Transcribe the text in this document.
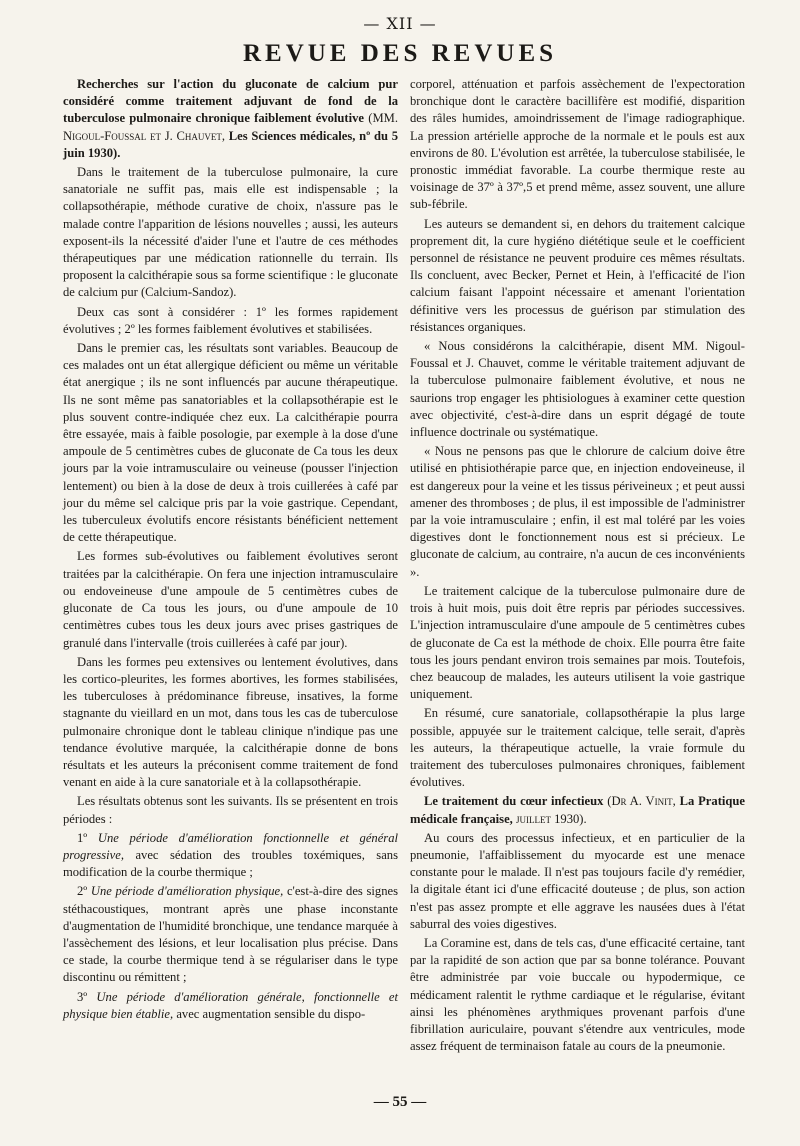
— XII —
REVUE DES REVUES

Recherches sur l'action du gluconate de calcium pur considéré comme traitement adjuvant de fond de la tuberculose pulmonaire chronique faiblement évolutive (MM. Nigoul-Foussal et J. Chauvet, Les Sciences médicales, nº du 5 juin 1930).

Dans le traitement de la tuberculose pulmonaire, la cure sanatoriale ne suffit pas, mais elle est indispensable ; la collapsothérapie, méthode curative de choix, n'assure pas le malade contre l'apparition de lésions nouvelles ; aussi, les auteurs exposent-ils la nécessité d'aider l'une et l'autre de ces méthodes thérapeutiques par une médication rationnelle du terrain. Ils proposent la calcithérapie sous sa forme scientifique : le gluconate de calcium pur (Calcium-Sandoz).

Deux cas sont à considérer : 1º les formes rapidement évolutives ; 2º les formes faiblement évolutives et stabilisées.

Dans le premier cas, les résultats sont variables. Beaucoup de ces malades ont un état allergique déficient ou même un véritable état anergique ; ils ne sont influencés par aucune thérapeutique. Ils ne sont même pas sanatoriables et la collapsothérapie est le plus souvent contre-indiquée chez eux. La calcithérapie pourra être essayée, mais à faible posologie, par exemple à la dose d'une ampoule de 5 centimètres cubes de gluconate de Ca tous les deux jours par la voie intramusculaire ou veineuse (pousser l'injection lentement) ou bien à la dose de deux à trois cuillerées à café par jour du même sel calcique pris par la voie gastrique. Cependant, les tuberculeux évolutifs encore résistants bénéficient nettement de cette thérapeutique.

Les formes sub-évolutives ou faiblement évolutives seront traitées par la calcithérapie. On fera une injection intramusculaire ou endoveineuse d'une ampoule de 5 centimètres cubes de gluconate de Ca tous les jours, ou d'une ampoule de 10 centimètres cubes tous les deux jours avec prises gastriques de granulé dans l'intervalle (trois cuillerées à café par jour).

Dans les formes peu extensives ou lentement évolutives, dans les cortico-pleurites, les formes abortives, les formes stabilisées, les tuberculoses à prédominance fibreuse, insatives, la forme stagnante du vieillard en un mot, dans tous les cas de tuberculose pulmonaire chronique dont le tableau clinique n'indique pas une tendance évolutive marquée, la calcithérapie donne de bons résultats et les auteurs la préconisent comme traitement de fond venant en aide à la cure sanatoriale et à la collapsothérapie.

Les résultats obtenus sont les suivants. Ils se présentent en trois périodes :

1º Une période d'amélioration fonctionnelle et général progressive, avec sédation des troubles toxémiques, sans modification de la courbe thermique ;

2º Une période d'amélioration physique, c'est-à-dire des signes stéthacoustiques, montrant après une phase inconstante d'augmentation de l'humidité bronchique, une tendance marquée à l'assèchement des lésions, et leur localisation plus précise. Dans ce stade, la courbe thermique tend à se régulariser dans le type discontinu ou rémittent ;

3º Une période d'amélioration générale, fonctionnelle et physique bien établie, avec augmentation sensible du dispo-

corporel, atténuation et parfois assèchement de l'expectoration bronchique dont le caractère bacillifère est modifié, disparition des râles humides, amoindrissement de l'image radiographique. La pression artérielle approche de la normale et le pouls est aux environs de 80. L'évolution est arrêtée, la tuberculose stabilisée, le pronostic immédiat favorable. La courbe thermique reste au voisinage de 37º à 37º,5 et prend même, assez souvent, une allure sub-fébrile.

Les auteurs se demandent si, en dehors du traitement calcique proprement dit, la cure hygiéno diététique seule et le coefficient personnel de résistance ne peuvent produire ces mêmes résultats. Ils concluent, avec Becker, Pernet et Hein, à l'efficacité de l'ion calcium faisant l'appoint nécessaire et amenant l'orientation définitive vers les processus de guérison par stimulation des résistances organiques.

« Nous considérons la calcithérapie, disent MM. Nigoul-Foussal et J. Chauvet, comme le véritable traitement adjuvant de la tuberculose pulmonaire faiblement évolutive, et nous ne saurions trop engager les phtisiologues à examiner cette question avec objectivité, c'est-à-dire dans un esprit dégagé de toute influence doctrinale ou systématique.

« Nous ne pensons pas que le chlorure de calcium doive être utilisé en phtisiothérapie parce que, en injection endoveineuse, il est dangereux pour la veine et les tissus périveineux ; et peut aussi amener des thromboses ; de plus, il est impossible de l'administrer par la voie intramusculaire ; enfin, il est mal toléré par les voies digestives dont le fonctionnement nous est si précieux. Le gluconate de calcium, au contraire, n'a aucun de ces inconvénients ».

Le traitement calcique de la tuberculose pulmonaire dure de trois à huit mois, puis doit être repris par périodes successives. L'injection intramusculaire d'une ampoule de 5 centimètres cubes de gluconate de Ca est la méthode de choix. Elle pourra être faite tous les jours pendant environ trois semaines par mois. Toutefois, chez beaucoup de malades, les auteurs utilisent la voie gastrique uniquement.

En résumé, cure sanatoriale, collapsothérapie la plus large possible, appuyée sur le traitement calcique, telle serait, d'après les auteurs, la thérapeutique actuelle, la vraie formule du traitement des tuberculoses pulmonaires chroniques, faiblement évolutives.

Le traitement du cœur infectieux (Dr A. Vinit, La Pratique médicale française, juillet 1930).

Au cours des processus infectieux, et en particulier de la pneumonie, l'affaiblissement du myocarde est une menace constante pour le malade. Il n'est pas toujours facile d'y remédier, la digitale étant ici d'une efficacité douteuse ; de plus, son action n'est pas assez prompte et elle aggrave les nausées dues à l'état saburral des voies digestives.

La Coramine est, dans de tels cas, d'une efficacité certaine, tant par la rapidité de son action que par sa bonne tolérance. Pouvant être administrée par voie buccale ou hypodermique, ce médicament ralentit le rythme cardiaque et le régularise, évitant ainsi les phénomènes arythmiques provenant parfois d'une fibrillation auriculaire, pouvant s'étendre aux ventricules, mode assez fréquent de terminaison fatale au cours de la pneumonie.

— 55 —
